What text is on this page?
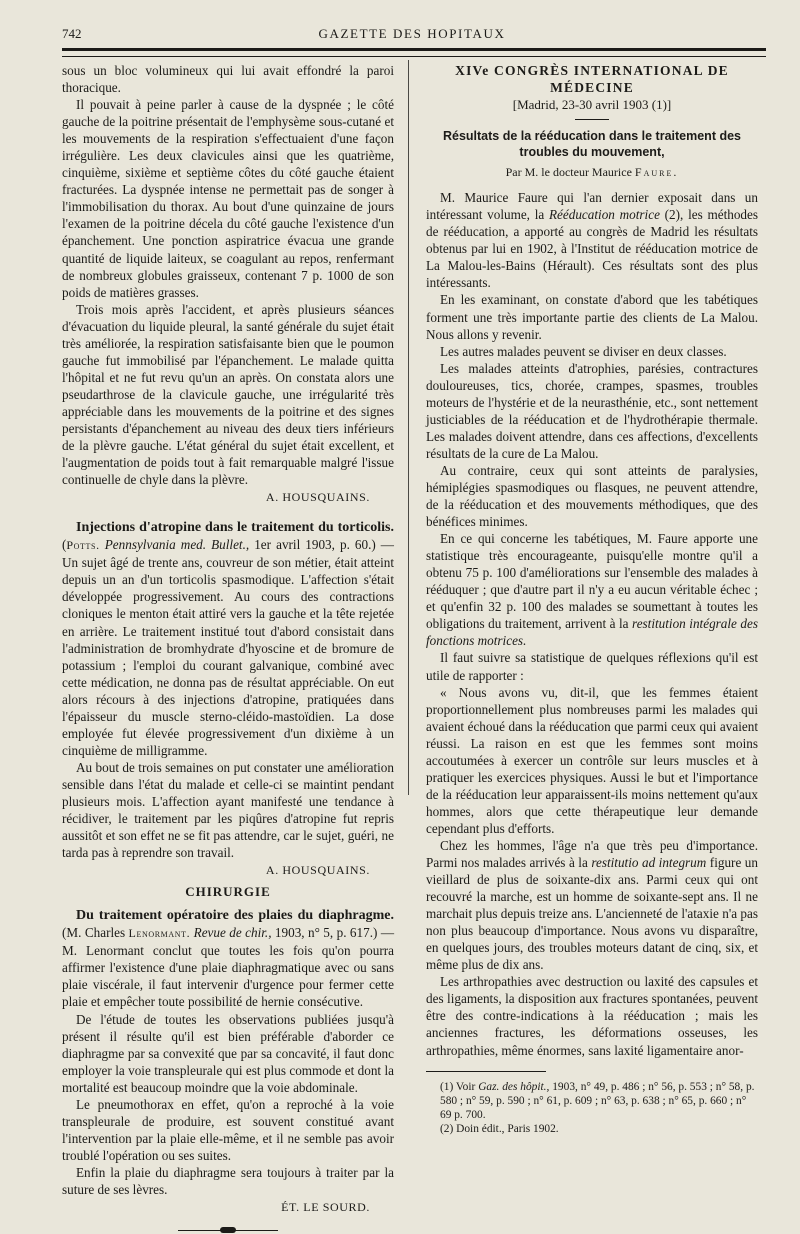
742	GAZETTE DES HOPITAUX

sous un bloc volumineux qui lui avait effondré la paroi thoracique.

Il pouvait à peine parler à cause de la dyspnée ; le côté gauche de la poitrine présentait de l'emphysème sous-cutané et les mouvements de la respiration s'effectuaient d'une façon irrégulière. Les deux clavicules ainsi que les quatrième, cinquième, sixième et septième côtes du côté gauche étaient fracturées. La dyspnée intense ne permettait pas de songer à l'immobilisation du thorax. Au bout d'une quinzaine de jours l'examen de la poitrine décela du côté gauche l'existence d'un épanchement. Une ponction aspiratrice évacua une grande quantité de liquide laiteux, se coagulant au repos, renfermant de nombreux globules graisseux, contenant 7 p. 1000 de son poids de matières grasses.

Trois mois après l'accident, et après plusieurs séances d'évacuation du liquide pleural, la santé générale du sujet était très améliorée, la respiration satisfaisante bien que le poumon gauche fut immobilisé par l'épanchement. Le malade quitta l'hôpital et ne fut revu qu'un an après. On constata alors une pseudarthrose de la clavicule gauche, une irrégularité très appréciable dans les mouvements de la poitrine et des signes persistants d'épanchement au niveau des deux tiers inférieurs de la plèvre gauche. L'état général du sujet était excellent, et l'augmentation de poids tout à fait remarquable malgré l'issue continuelle de chyle dans la plèvre.

A. HOUSQUAINS.

Injections d'atropine dans le traitement du torticolis. (Potts. Pennsylvania med. Bullet., 1er avril 1903, p. 60.) — Un sujet âgé de trente ans, couvreur de son métier, était atteint depuis un an d'un torticolis spasmodique. L'affection s'était développée progressivement. Au cours des contractions cloniques le menton était attiré vers la gauche et la tête rejetée en arrière. Le traitement institué tout d'abord consistait dans l'administration de bromhydrate d'hyoscine et de bromure de potassium ; l'emploi du courant galvanique, combiné avec cette médication, ne donna pas de résultat appréciable. On eut alors récours à des injections d'atropine, pratiquées dans l'épaisseur du muscle sterno-cléido-mastoïdien. La dose employée fut élevée progressivement d'un dixième à un cinquième de milligramme.

Au bout de trois semaines on put constater une amélioration sensible dans l'état du malade et celle-ci se maintint pendant plusieurs mois. L'affection ayant manifesté une tendance à récidiver, le traitement par les piqûres d'atropine fut repris aussitôt et son effet ne se fit pas attendre, car le sujet, guéri, ne tarda pas à reprendre son travail.

A. HOUSQUAINS.

CHIRURGIE

Du traitement opératoire des plaies du diaphragme. (M. Charles Lenormant. Revue de chir., 1903, n° 5, p. 617.) — M. Lenormant conclut que toutes les fois qu'on pourra affirmer l'existence d'une plaie diaphragmatique avec ou sans plaie viscérale, il faut intervenir d'urgence pour fermer cette plaie et empêcher toute possibilité de hernie consécutive.

De l'étude de toutes les observations publiées jusqu'à présent il résulte qu'il est bien préférable d'aborder ce diaphragme par sa convexité que par sa concavité, il faut donc employer la voie transpleurale qui est plus commode et dont la mortalité est beaucoup moindre que la voie abdominale.

Le pneumothorax en effet, qu'on a reproché à la voie transpleurale de produire, est souvent constitué avant l'intervention par la plaie elle-même, et il ne semble pas avoir troublé l'opération ou ses suites.

Enfin la plaie du diaphragme sera toujours à traiter par la suture de ses lèvres.

ÉT. LE SOURD.

XIVe CONGRÈS INTERNATIONAL DE MÉDECINE

[Madrid, 23-30 avril 1903 (1)]

Résultats de la rééducation dans le traitement des troubles du mouvement,

Par M. le docteur Maurice Faure.

M. Maurice Faure qui l'an dernier exposait dans un intéressant volume, la Rééducation motrice (2), les méthodes de rééducation, a apporté au congrès de Madrid les résultats obtenus par lui en 1902, à l'Institut de rééducation motrice de La Malou-les-Bains (Hérault). Ces résultats sont des plus intéressants.

En les examinant, on constate d'abord que les tabétiques forment une très importante partie des clients de La Malou. Nous allons y revenir.

Les autres malades peuvent se diviser en deux classes.

Les malades atteints d'atrophies, parésies, contractures douloureuses, tics, chorée, crampes, spasmes, troubles moteurs de l'hystérie et de la neurasthénie, etc., sont nettement justiciables de la rééducation et de l'hydrothérapie thermale. Les malades doivent attendre, dans ces affections, d'excellents résultats de la cure de La Malou.

Au contraire, ceux qui sont atteints de paralysies, hémiplégies spasmodiques ou flasques, ne peuvent attendre, de la rééducation et des mouvements méthodiques, que des bénéfices minimes.

En ce qui concerne les tabétiques, M. Faure apporte une statistique très encourageante, puisqu'elle montre qu'il a obtenu 75 p. 100 d'améliorations sur l'ensemble des malades à rééduquer ; que d'autre part il n'y a eu aucun véritable échec ; et qu'enfin 32 p. 100 des malades se soumettant à toutes les obligations du traitement, arrivent à la restitution intégrale des fonctions motrices.

Il faut suivre sa statistique de quelques réflexions qu'il est utile de rapporter :

« Nous avons vu, dit-il, que les femmes étaient proportionnellement plus nombreuses parmi les malades qui avaient échoué dans la rééducation que parmi ceux qui avaient réussi. La raison en est que les femmes sont moins accoutumées à exercer un contrôle sur leurs muscles et à pratiquer les exercices physiques. Aussi le but et l'importance de la rééducation leur apparaissent-ils moins nettement qu'aux hommes, alors que cette thérapeutique leur demande cependant plus d'efforts.

Chez les hommes, l'âge n'a que très peu d'importance. Parmi nos malades arrivés à la restitutio ad integrum figure un vieillard de plus de soixante-dix ans. Parmi ceux qui ont recouvré la marche, est un homme de soixante-sept ans. Il ne marchait plus depuis treize ans. L'ancienneté de l'ataxie n'a pas non plus beaucoup d'importance. Nous avons vu disparaître, en quelques jours, des troubles moteurs datant de cinq, six, et même plus de dix ans.

Les arthropathies avec destruction ou laxité des capsules et des ligaments, la disposition aux fractures spontanées, peuvent être des contre-indications à la rééducation ; mais les anciennes fractures, les déformations osseuses, les arthropathies, même énormes, sans laxité ligamentaire anor-

(1) Voir Gaz. des hôpit., 1903, n° 49, p. 486 ; n° 56, p. 553 ; n° 58, p. 580 ; n° 59, p. 590 ; n° 61, p. 609 ; n° 63, p. 638 ; n° 65, p. 660 ; n° 69 p. 700.

(2) Doin édit., Paris 1902.
